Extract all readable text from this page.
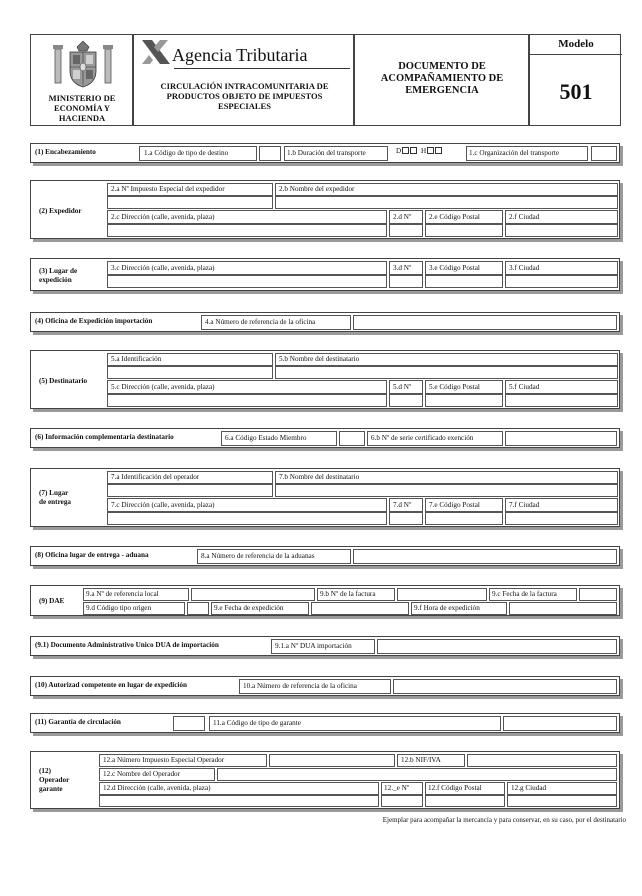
MINISTERIO DE ECONOMÍA Y HACIENDA
Agencia Tributaria
CIRCULACIÓN INTRACOMUNITARIA DE PRODUCTOS OBJETO DE IMPUESTOS ESPECIALES
DOCUMENTO DE ACOMPAÑAMIENTO DE EMERGENCIA
Modelo
501
(1) Encabezamiento	1.a Código de tipo de destino	1.b Duración del transporte	D	H	1.c Organización del transporte
(2) Expedidor
2.a Nº Impuesto Especial del expedidor	2.b Nombre del expedidor
2.c Dirección (calle, avenida, plaza)	2.d Nº 2.e Código Postal	2.f Ciudad
(3) Lugar de
expedición
3.c Dirección (calle, avenida, plaza)	3.d Nº 3.e Código Postal	3.f Ciudad
(4) Oficina de Expedición importación	4.a Número de referencia de la oficina
(5) Destinatario
5.a Identificación	5.b Nombre del destinatario
5.c Dirección (calle, avenida, plaza)	5.d Nº 5.e Código Postal	5.f Ciudad
(6) Información complementaria destinatario	6.a Código Estado Miembro	6.b Nº de serie certificado exención
(7) Lugar
de entrega
7.a Identificación del operador	7.b Nombre del destinatario
7.c Dirección (calle, avenida, plaza)	7.d Nº 7.e Código Postal	7.f Ciudad
(8) Oficina lugar de entrega - aduana	8.a Número de referencia de la aduanas
(9) DAE
9.a Nº de referencia local	9.b Nº de la factura	9.c Fecha de la factura
9.d Código tipo origen	9.e Fecha de expedición	9.f Hora de expedición
(9.1) Documento Administrativo Unico DUA de importación	9.1.a Nº DUA importación
(10) Autorizad competente en lugar de expedición	10.a Número de referencia de la oficina
(11) Garantía de circulación	11.a Código de tipo de garante
(12)
Operador
garante
12.a Número Impuesto Especial Operador	12.b NIF/IVA
12.c Nombre del Operador
12.d Dirección (calle, avenida, plaza)	12._e Nº	12.f Código Postal	12.g Ciudad
Ejemplar para acompañar la mercancía y para conservar, en su caso, por el destinatario
